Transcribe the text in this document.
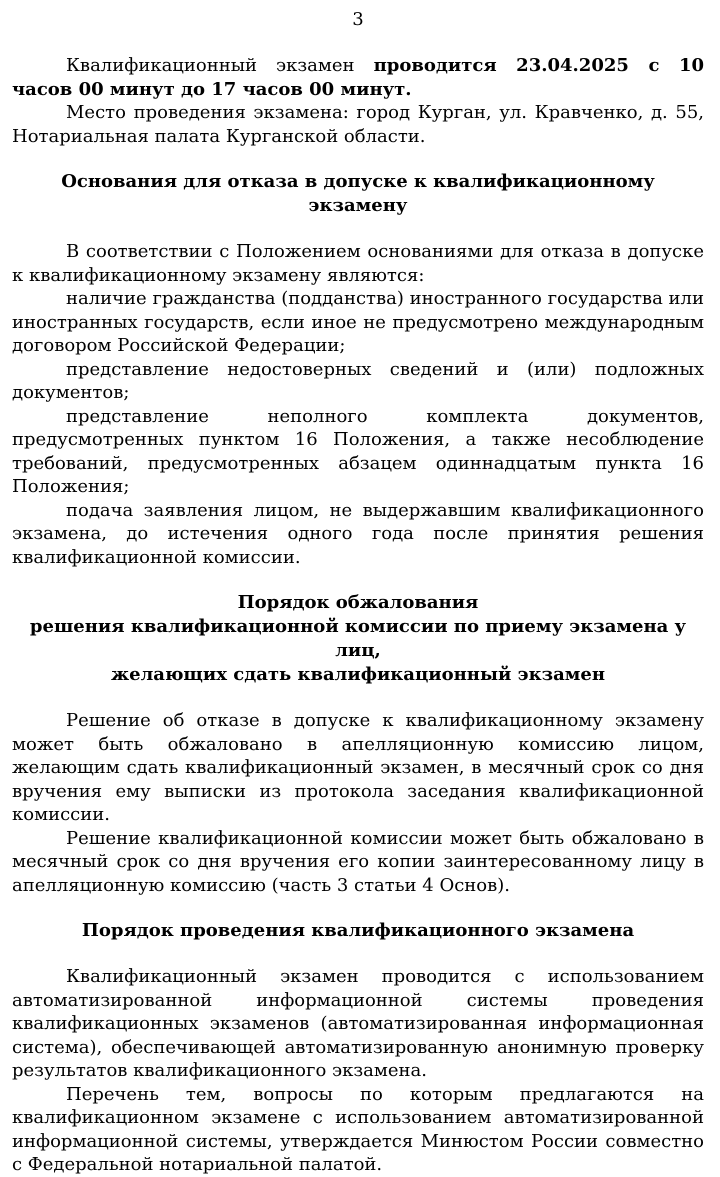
3

Квалификационный экзамен проводится 23.04.2025 с 10 часов 00 минут до 17 часов 00 минут.

Место проведения экзамена: город Курган, ул. Кравченко, д. 55, Нотариальная палата Курганской области.

Основания для отказа в допуске к квалификационному экзамену

В соответствии с Положением основаниями для отказа в допуске к квалификационному экзамену являются:

наличие гражданства (подданства) иностранного государства или иностранных государств, если иное не предусмотрено международным договором Российской Федерации;

представление недостоверных сведений и (или) подложных документов;

представление неполного комплекта документов, предусмотренных пунктом 16 Положения, а также несоблюдение требований, предусмотренных абзацем одиннадцатым пункта 16 Положения;

подача заявления лицом, не выдержавшим квалификационного экзамена, до истечения одного года после принятия решения квалификационной комиссии.

Порядок обжалования
решения квалификационной комиссии по приему экзамена у лиц,
желающих сдать квалификационный экзамен

Решение об отказе в допуске к квалификационному экзамену может быть обжаловано в апелляционную комиссию лицом, желающим сдать квалификационный экзамен, в месячный срок со дня вручения ему выписки из протокола заседания квалификационной комиссии.

Решение квалификационной комиссии может быть обжаловано в месячный срок со дня вручения его копии заинтересованному лицу в апелляционную комиссию (часть 3 статьи 4 Основ).

Порядок проведения квалификационного экзамена

Квалификационный экзамен проводится с использованием автоматизированной информационной системы проведения квалификационных экзаменов (автоматизированная информационная система), обеспечивающей автоматизированную анонимную проверку результатов квалификационного экзамена.

Перечень тем, вопросы по которым предлагаются на квалификационном экзамене с использованием автоматизированной информационной системы, утверждается Минюстом России совместно с Федеральной нотариальной палатой.
